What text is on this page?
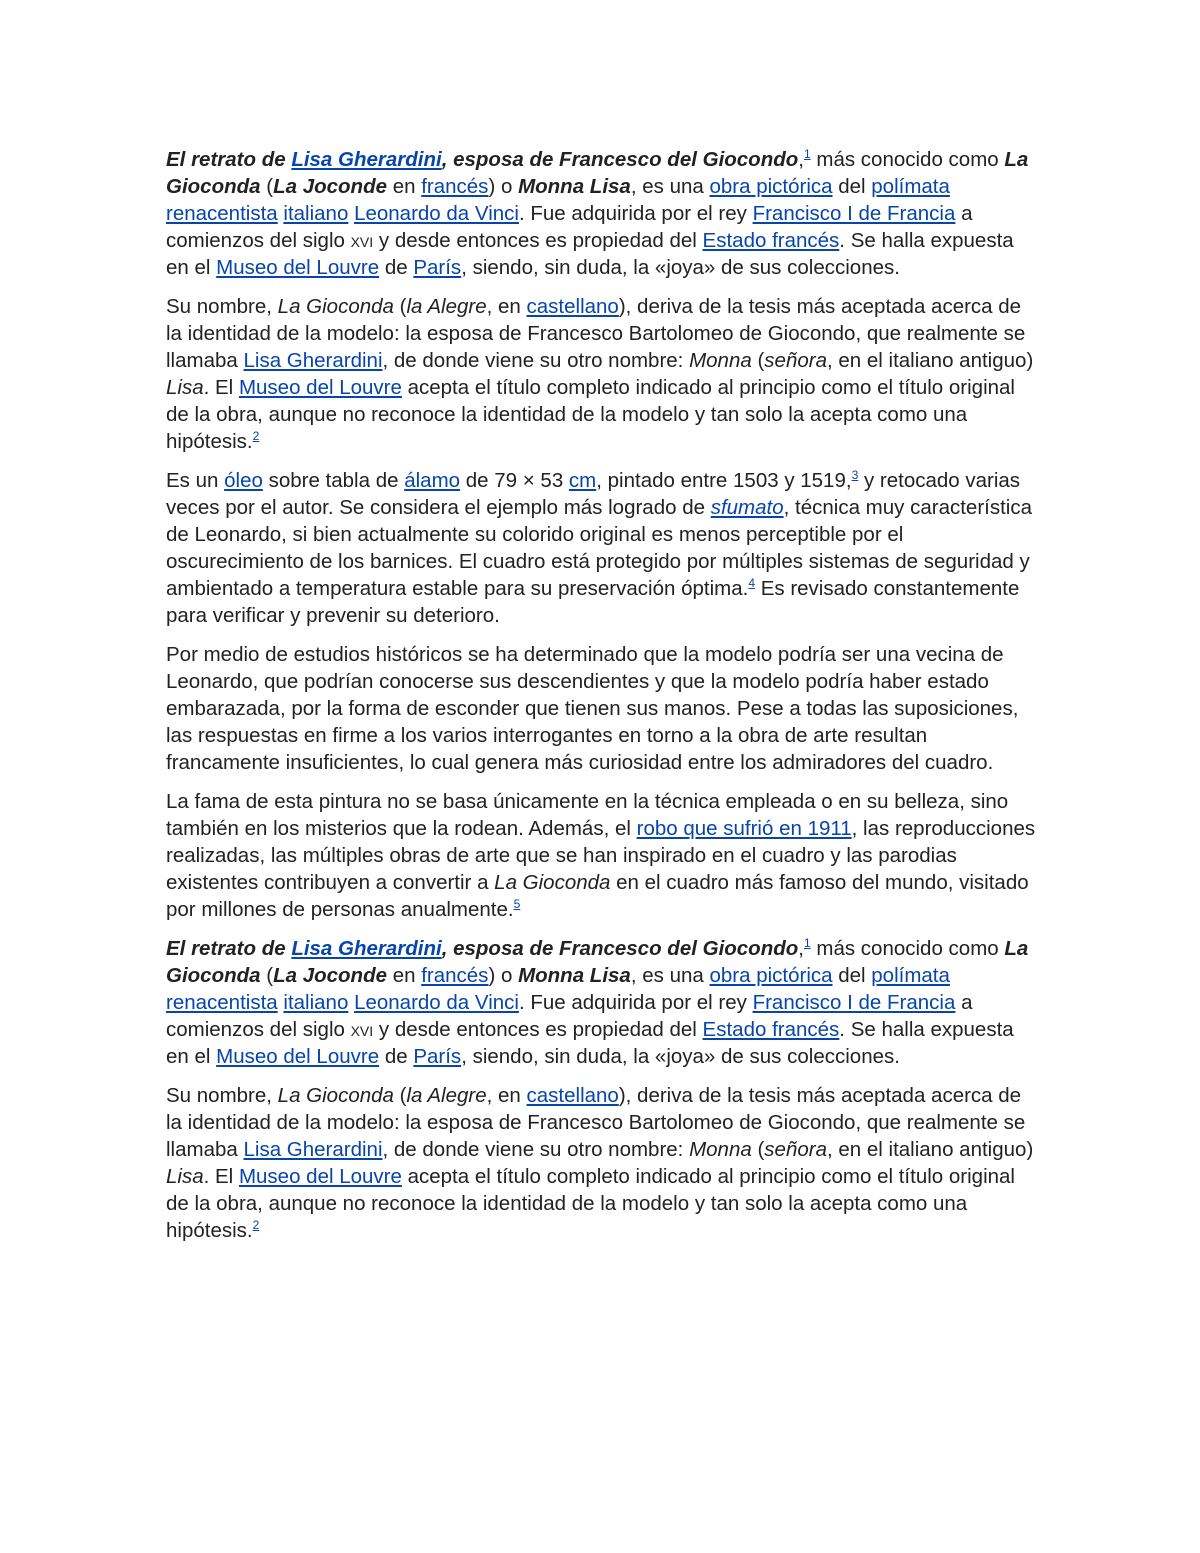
El retrato de Lisa Gherardini, esposa de Francesco del Giocondo,$^1$ más conocido como La Gioconda (La Joconde en francés) o Monna Lisa, es una obra pictórica del polímata renacentista italiano Leonardo da Vinci. Fue adquirida por el rey Francisco I de Francia a comienzos del siglo xvi y desde entonces es propiedad del Estado francés. Se halla expuesta en el Museo del Louvre de París, siendo, sin duda, la «joya» de sus colecciones.

Su nombre, La Gioconda (la Alegre, en castellano), deriva de la tesis más aceptada acerca de la identidad de la modelo: la esposa de Francesco Bartolomeo de Giocondo, que realmente se llamaba Lisa Gherardini, de donde viene su otro nombre: Monna (señora, en el italiano antiguo) Lisa. El Museo del Louvre acepta el título completo indicado al principio como el título original de la obra, aunque no reconoce la identidad de la modelo y tan solo la acepta como una hipótesis.$^2$

Es un óleo sobre tabla de álamo de 79 × 53 cm, pintado entre 1503 y 1519,$^3$ y retocado varias veces por el autor. Se considera el ejemplo más logrado de sfumato, técnica muy característica de Leonardo, si bien actualmente su colorido original es menos perceptible por el oscurecimiento de los barnices. El cuadro está protegido por múltiples sistemas de seguridad y ambientado a temperatura estable para su preservación óptima.$^4$ Es revisado constantemente para verificar y prevenir su deterioro.

Por medio de estudios históricos se ha determinado que la modelo podría ser una vecina de Leonardo, que podrían conocerse sus descendientes y que la modelo podría haber estado embarazada, por la forma de esconder que tienen sus manos. Pese a todas las suposiciones, las respuestas en firme a los varios interrogantes en torno a la obra de arte resultan francamente insuficientes, lo cual genera más curiosidad entre los admiradores del cuadro.

La fama de esta pintura no se basa únicamente en la técnica empleada o en su belleza, sino también en los misterios que la rodean. Además, el robo que sufrió en 1911, las reproducciones realizadas, las múltiples obras de arte que se han inspirado en el cuadro y las parodias existentes contribuyen a convertir a La Gioconda en el cuadro más famoso del mundo, visitado por millones de personas anualmente.$^5$

El retrato de Lisa Gherardini, esposa de Francesco del Giocondo,$^1$ más conocido como La Gioconda (La Joconde en francés) o Monna Lisa, es una obra pictórica del polímata renacentista italiano Leonardo da Vinci. Fue adquirida por el rey Francisco I de Francia a comienzos del siglo xvi y desde entonces es propiedad del Estado francés. Se halla expuesta en el Museo del Louvre de París, siendo, sin duda, la «joya» de sus colecciones.

Su nombre, La Gioconda (la Alegre, en castellano), deriva de la tesis más aceptada acerca de la identidad de la modelo: la esposa de Francesco Bartolomeo de Giocondo, que realmente se llamaba Lisa Gherardini, de donde viene su otro nombre: Monna (señora, en el italiano antiguo) Lisa. El Museo del Louvre acepta el título completo indicado al principio como el título original de la obra, aunque no reconoce la identidad de la modelo y tan solo la acepta como una hipótesis.$^2$
